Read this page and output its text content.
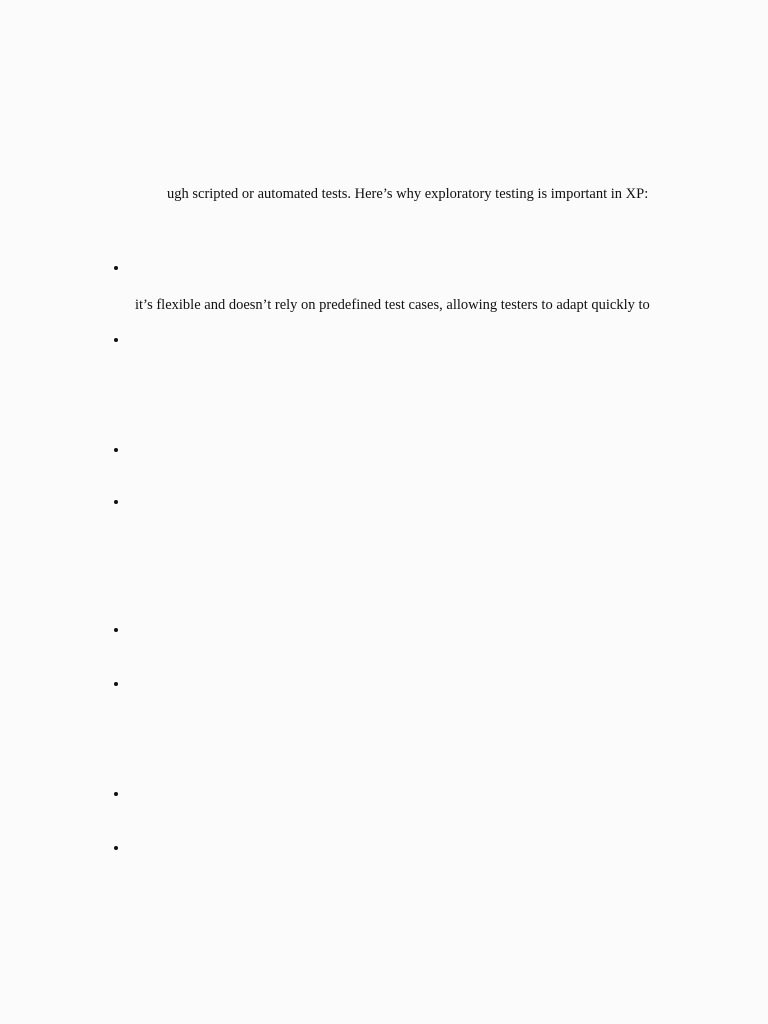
ugh scripted or automated tests. Here’s why exploratory testing is important in XP:
it’s flexible and doesn’t rely on predefined test cases, allowing testers to adapt quickly to
